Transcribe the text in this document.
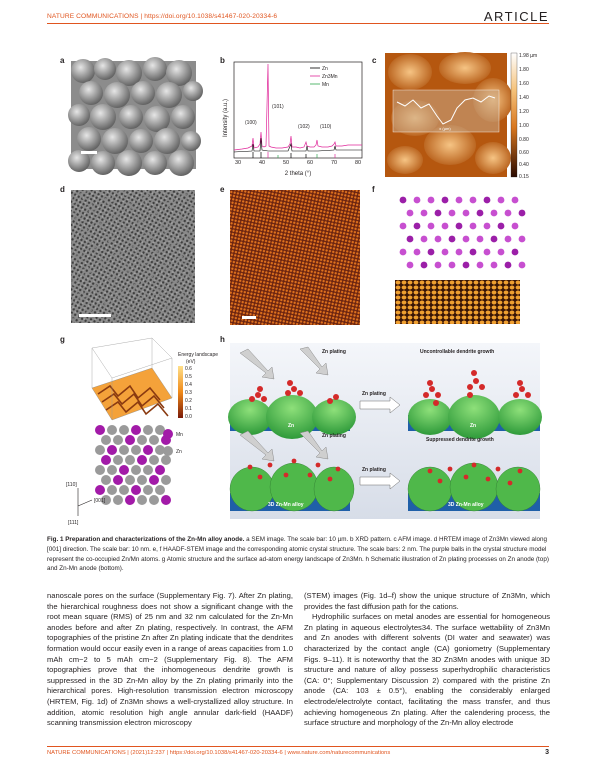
NATURE COMMUNICATIONS | https://doi.org/10.1038/s41467-020-20334-6	ARTICLE
a	b	c
d	e	f
g	h
Intensity (a.u.)
30	40	50	60	70	80
2 theta (°)
(100)
(101)
(102) (110)
Zn
Zn3Mn
Mn
x (µm)
1.98 µm
1.80
1.60
1.40
1.20
1.00
0.80
0.60
0.40
0.15
Energy landscape
(eV)
0.6
0.5
0.4
0.3
0.2
0.1
0.0
Mn
Zn
[110]
[001]
[111]
Zn plating
Zn plating
Zn plating
Zn plating
Uncontrollable dendrite growth
Suppressed dendrite growth
Zn	Zn
3D Zn-Mn alloy	3D Zn-Mn alloy
Fig. 1 Preparation and characterizations of the Zn-Mn alloy anode. a SEM image. The scale bar: 10 µm. b XRD pattern. c AFM image. d HRTEM image of Zn3Mn viewed along [001] direction. The scale bar: 10 nm. e, f HAADF-STEM image and the corresponding atomic crystal structure. The scale bars: 2 nm. The purple balls in the crystal structure model represent the co-occupied Zn/Mn atoms. g Atomic structure and the surface ad-atom energy landscape of Zn3Mn. h Schematic illustration of Zn plating processes on Zn anode (top) and Zn-Mn anode (bottom).

nanoscale pores on the surface (Supplementary Fig. 7). After Zn plating, the hierarchical roughness does not show a significant change with the root mean square (RMS) of 25 nm and 32 nm calculated for the Zn-Mn anodes before and after Zn plating, respectively. In contrast, the AFM topographies of the pristine Zn after Zn plating indicate that the dendrites formation would occur easily even in a range of areas capacities from 1.0 mAh cm−2 to 5 mAh cm−2 (Supplementary Fig. 8). The AFM topographies prove that the inhomogeneous dendrite growth is suppressed in the 3D Zn-Mn alloy by the Zn plating primarily into the hierarchical pores. High-resolution transmission electron microscopy (HRTEM, Fig. 1d) of Zn3Mn shows a well-crystallized alloy structure. In addition, atomic resolution high angle annular dark-field (HAADF) scanning transmission electron microscopy

(STEM) images (Fig. 1d–f) show the unique structure of Zn3Mn, which provides the fast diffusion path for the cations.

Hydrophilic surfaces on metal anodes are essential for homogeneous Zn plating in aqueous electrolytes34. The surface wettability of Zn3Mn and Zn anodes with different solvents (DI water and seawater) was characterized by the contact angle (CA) goniometry (Supplementary Figs. 9–11). It is noteworthy that the 3D Zn3Mn anodes with unique 3D structure and nature of alloy possess superhydrophilic characteristics (CA: 0°; Supplementary Discussion 2) compared with the pristine Zn anode (CA: 103 ± 0.5°), enabling the considerably enlarged electrode/electrolyte contact, facilitating the mass transfer, and thus achieving homogeneous Zn plating. After the calendering process, the surface structure and morphology of the Zn-Mn alloy electrode

NATURE COMMUNICATIONS | (2021)12:237 | https://doi.org/10.1038/s41467-020-20334-6 | www.nature.com/naturecommunications	3
